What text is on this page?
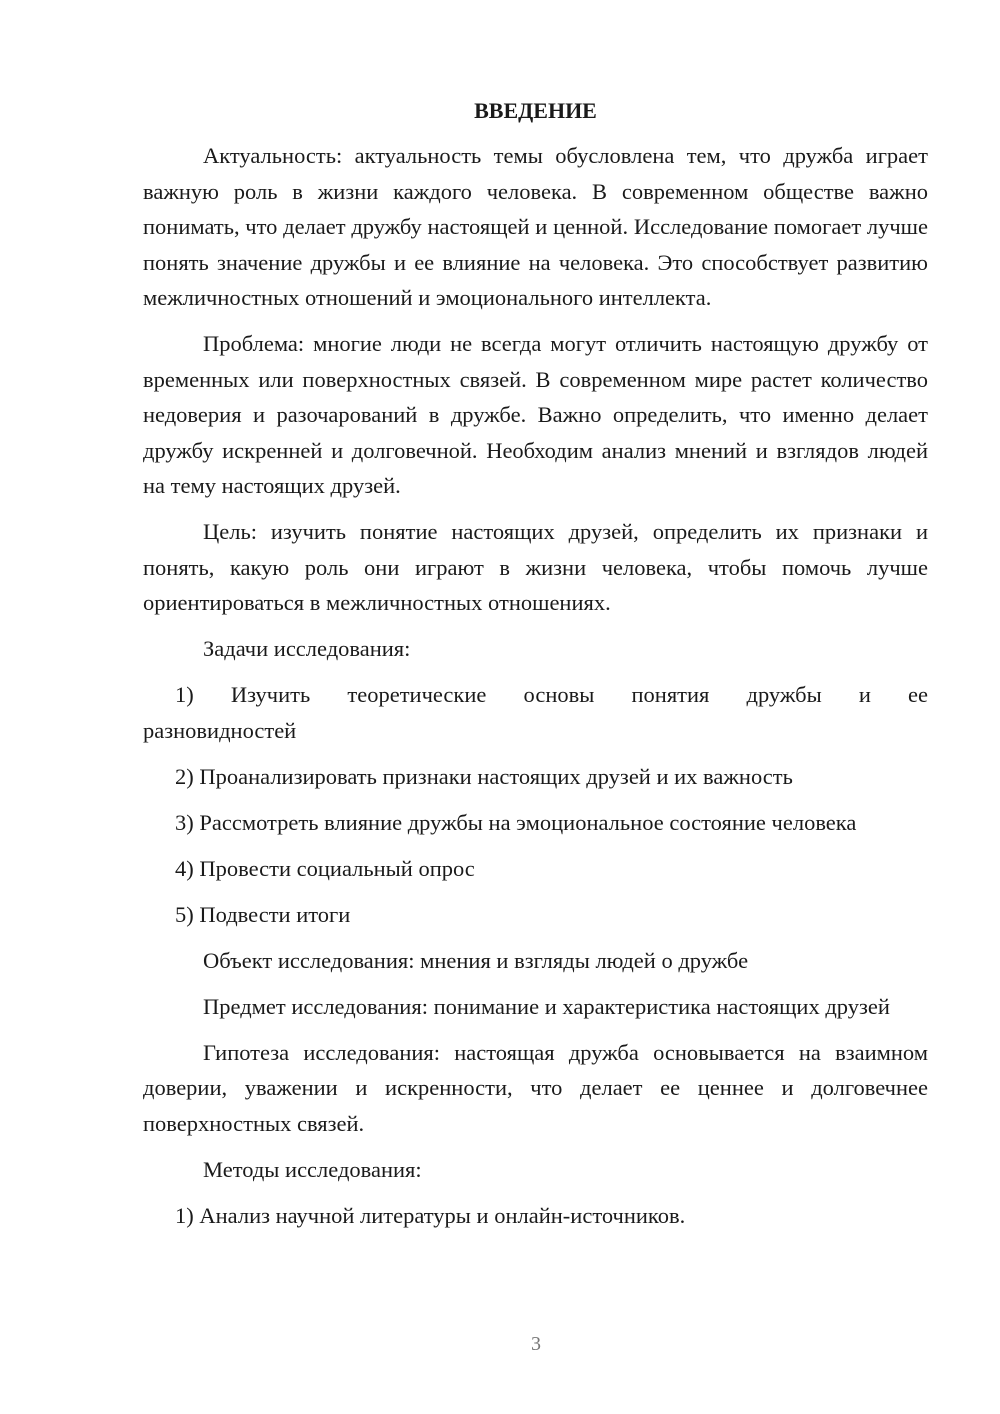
ВВЕДЕНИЕ

Актуальность: актуальность темы обусловлена тем, что дружба играет важную роль в жизни каждого человека. В современном обществе важно понимать, что делает дружбу настоящей и ценной. Исследование помогает лучше понять значение дружбы и ее влияние на человека. Это способствует развитию межличностных отношений и эмоционального интеллекта.

Проблема: многие люди не всегда могут отличить настоящую дружбу от временных или поверхностных связей. В современном мире растет количество недоверия и разочарований в дружбе. Важно определить, что именно делает дружбу искренней и долговечной. Необходим анализ мнений и взглядов людей на тему настоящих друзей.

Цель: изучить понятие настоящих друзей, определить их признаки и понять, какую роль они играют в жизни человека, чтобы помочь лучше ориентироваться в межличностных отношениях.

Задачи исследования:

1) Изучить теоретические основы понятия дружбы и ее разновидностей

2) Проанализировать признаки настоящих друзей и их важность

3) Рассмотреть влияние дружбы на эмоциональное состояние человека

4) Провести социальный опрос

5) Подвести итоги

Объект исследования: мнения и взгляды людей о дружбе

Предмет исследования: понимание и характеристика настоящих друзей

Гипотеза исследования: настоящая дружба основывается на взаимном доверии, уважении и искренности, что делает ее ценнее и долговечнее поверхностных связей.

Методы исследования:

1) Анализ научной литературы и онлайн-источников.

3
